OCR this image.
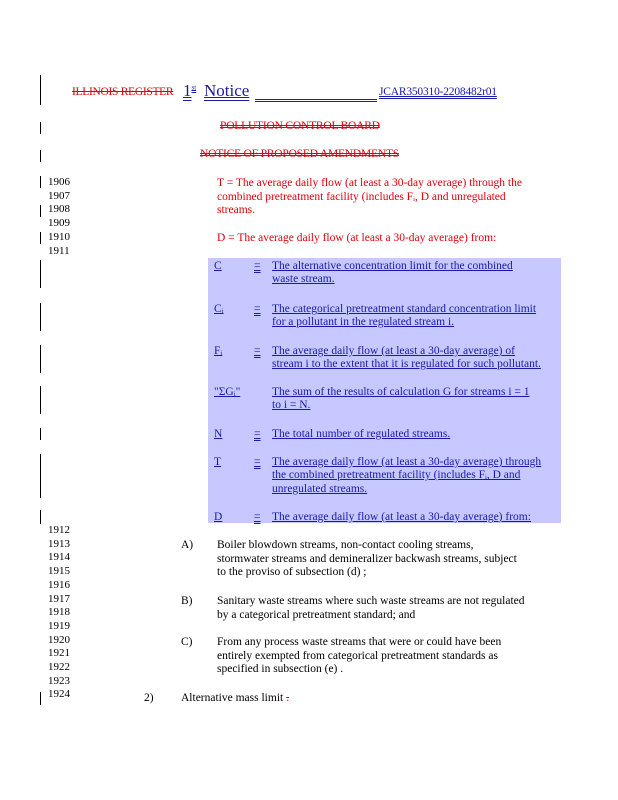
ILLINOIS REGISTER 1st Notice	JCAR350310-2208482r01
POLLUTION CONTROL BOARD
NOTICE OF PROPOSED AMENDMENTS
1906
1907
1908
1909
1910
1911
1912
1913
1914
1915
1916
1917
1918
1919
1920
1921
1922
1923
1924
T = The average daily flow (at least a 30-day average) through the
combined pretreatment facility (includes Fᵢ, D and unregulated
streams.
D = The average daily flow (at least a 30-day average) from:
C	= The alternative concentration limit for the combined
waste stream.
Cᵢ	= The categorical pretreatment standard concentration limit
for a pollutant in the regulated stream i.
Fᵢ	= The average daily flow (at least a 30-day average) of
stream i to the extent that it is regulated for such pollutant.
"ΣGᵢ"	The sum of the results of calculation G for streams i = 1
to i = N.
N	= The total number of regulated streams.
T	= The average daily flow (at least a 30-day average) through
the combined pretreatment facility (includes Fᵢ, D and
unregulated streams.
D	= The average daily flow (at least a 30-day average) from:
A) Boiler blowdown streams, non-contact cooling streams,
stormwater streams and demineralizer backwash streams, subject
to the proviso of subsection (d) ;
B) Sanitary waste streams where such waste streams are not regulated
by a categorical pretreatment standard; and
C) From any process waste streams that were or could have been
entirely exempted from categorical pretreatment standards as
specified in subsection (e) .
2) Alternative mass limit .
